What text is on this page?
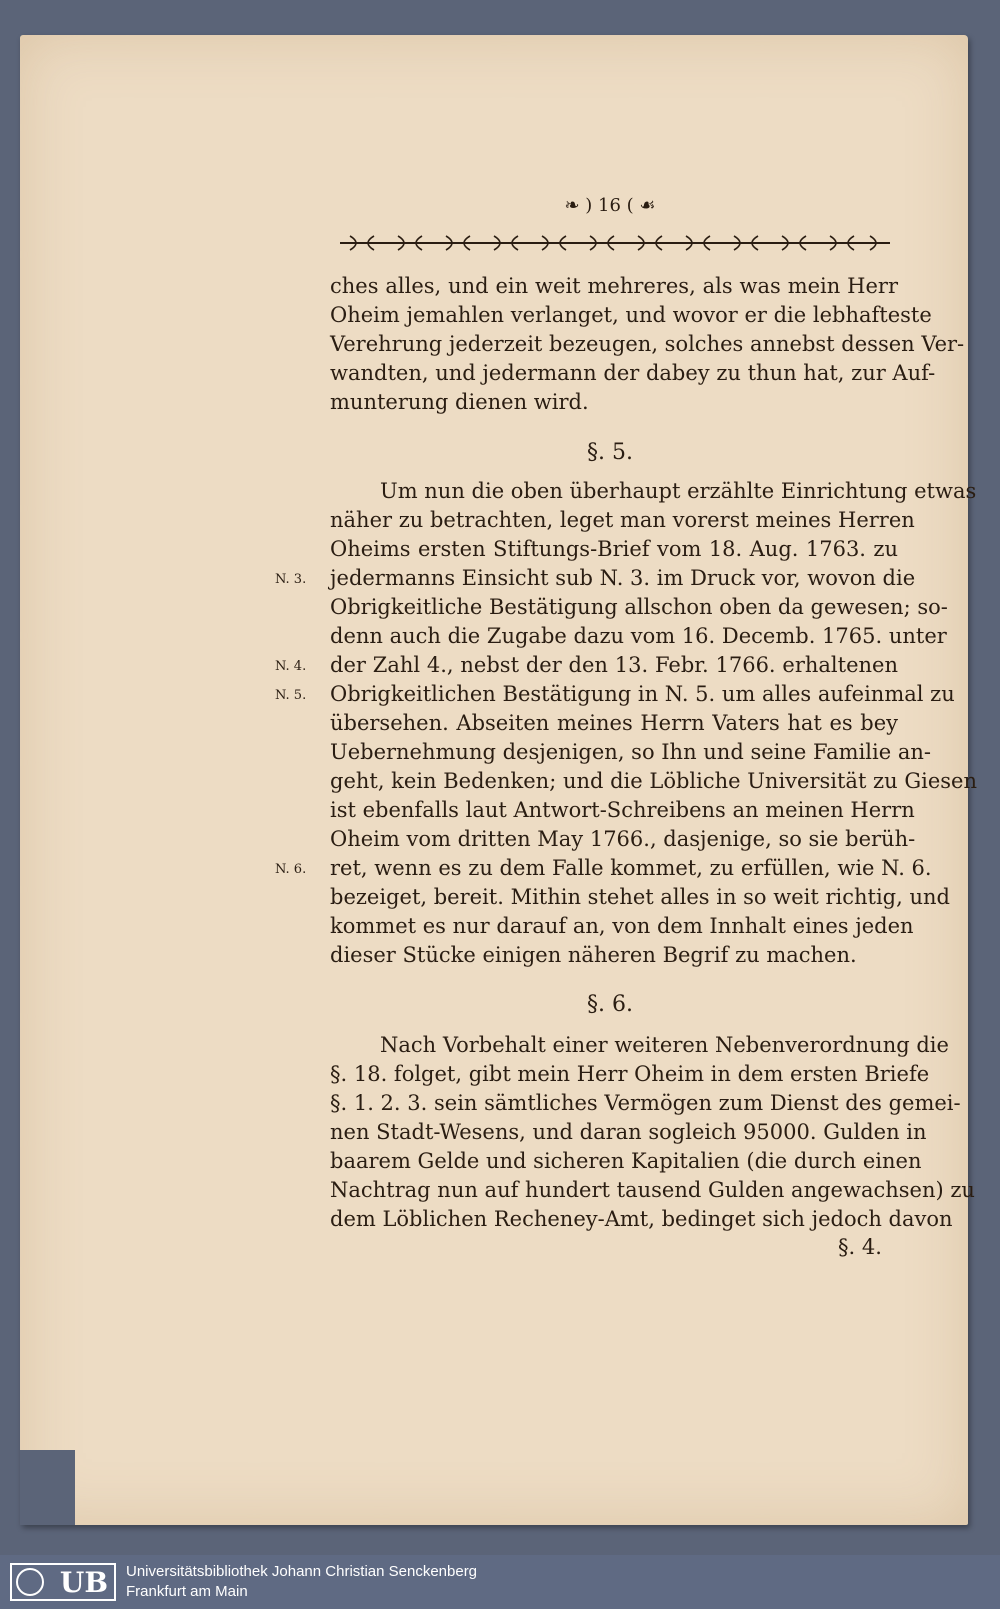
❧ ) 16 ( ☙
ches alles, und ein weit mehreres, als was mein Herr
Oheim jemahlen verlanget, und wovor er die lebhafteste
Verehrung jederzeit bezeugen, solches annebst dessen Ver-
wandten, und jedermann der dabey zu thun hat, zur Auf-
munterung dienen wird.
§. 5.
Um nun die oben überhaupt erzählte Einrichtung etwas
näher zu betrachten, leget man vorerst meines Herren
Oheims ersten Stiftungs-Brief vom 18. Aug. 1763. zu
jedermanns Einsicht sub N. 3. im Druck vor, wovon die
Obrigkeitliche Bestätigung allschon oben da gewesen; so-
denn auch die Zugabe dazu vom 16. Decemb. 1765. unter
der Zahl 4., nebst der den 13. Febr. 1766. erhaltenen
Obrigkeitlichen Bestätigung in N. 5. um alles aufeinmal zu
übersehen. Abseiten meines Herrn Vaters hat es bey
Uebernehmung desjenigen, so Ihn und seine Familie an-
geht, kein Bedenken; und die Löbliche Universität zu Giesen
ist ebenfalls laut Antwort-Schreibens an meinen Herrn
Oheim vom dritten May 1766., dasjenige, so sie berüh-
ret, wenn es zu dem Falle kommet, zu erfüllen, wie N. 6.
bezeiget, bereit. Mithin stehet alles in so weit richtig, und
kommet es nur darauf an, von dem Innhalt eines jeden
dieser Stücke einigen näheren Begrif zu machen.
N. 3.
N. 4.
N. 5.
N. 6.
§. 6.
Nach Vorbehalt einer weiteren Nebenverordnung die
§. 18. folget, gibt mein Herr Oheim in dem ersten Briefe
§. 1. 2. 3. sein sämtliches Vermögen zum Dienst des gemei-
nen Stadt-Wesens, und daran sogleich 95000. Gulden in
baarem Gelde und sicheren Kapitalien (die durch einen
Nachtrag nun auf hundert tausend Gulden angewachsen) zu
dem Löblichen Recheney-Amt, bedinget sich jedoch davon
§. 4.
UB Universitätsbibliothek Johann Christian Senckenberg
Frankfurt am Main
